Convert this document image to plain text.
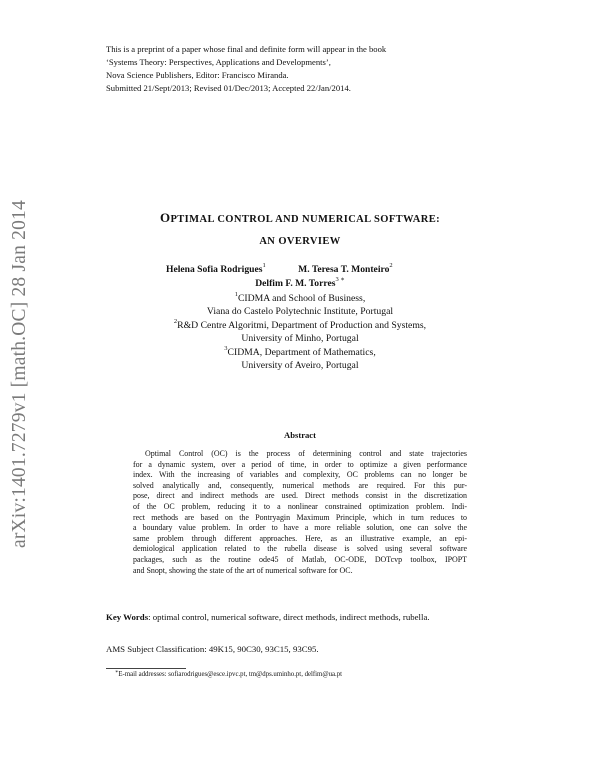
This is a preprint of a paper whose final and definite form will appear in the book
‘Systems Theory: Perspectives, Applications and Developments’,
Nova Science Publishers, Editor: Francisco Miranda.
Submitted 21/Sept/2013; Revised 01/Dec/2013; Accepted 22/Jan/2014.
arXiv:1401.7279v1 [math.OC] 28 Jan 2014	OPTIMAL CONTROL AND NUMERICAL SOFTWARE:
AN OVERVIEW
Helena Sofia Rodrigues$^1$	M. Teresa T. Monteiro$^2$
Delfim F. M. Torres$^{3 ∗}$
$^1$CIDMA and School of Business,
Viana do Castelo Polytechnic Institute, Portugal
$^2$R&D Centre Algoritmi, Department of Production and Systems,
University of Minho, Portugal
$^3$CIDMA, Department of Mathematics,
University of Aveiro, Portugal
Abstract
Optimal Control (OC) is the process of determining control and state trajectories
for a dynamic system, over a period of time, in order to optimize a given performance
index. With the increasing of variables and complexity, OC problems can no longer be
solved analytically and, consequently, numerical methods are required. For this pur-
pose, direct and indirect methods are used. Direct methods consist in the discretization
of the OC problem, reducing it to a nonlinear constrained optimization problem. Indi-
rect methods are based on the Pontryagin Maximum Principle, which in turn reduces to
a boundary value problem. In order to have a more reliable solution, one can solve the
same problem through different approaches. Here, as an illustrative example, an epi-
demiological application related to the rubella disease is solved using several software
packages, such as the routine ode45 of Matlab, OC-ODE, DOTcvp toolbox, IPOPT
and Snopt, showing the state of the art of numerical software for OC.
Key Words: optimal control, numerical software, direct methods, indirect methods, rubella.
AMS Subject Classification: 49K15, 90C30, 93C15, 93C95.
∗E-mail addresses: sofiarodrigues@esce.ipvc.pt, tm@dps.uminho.pt, delfim@ua.pt
